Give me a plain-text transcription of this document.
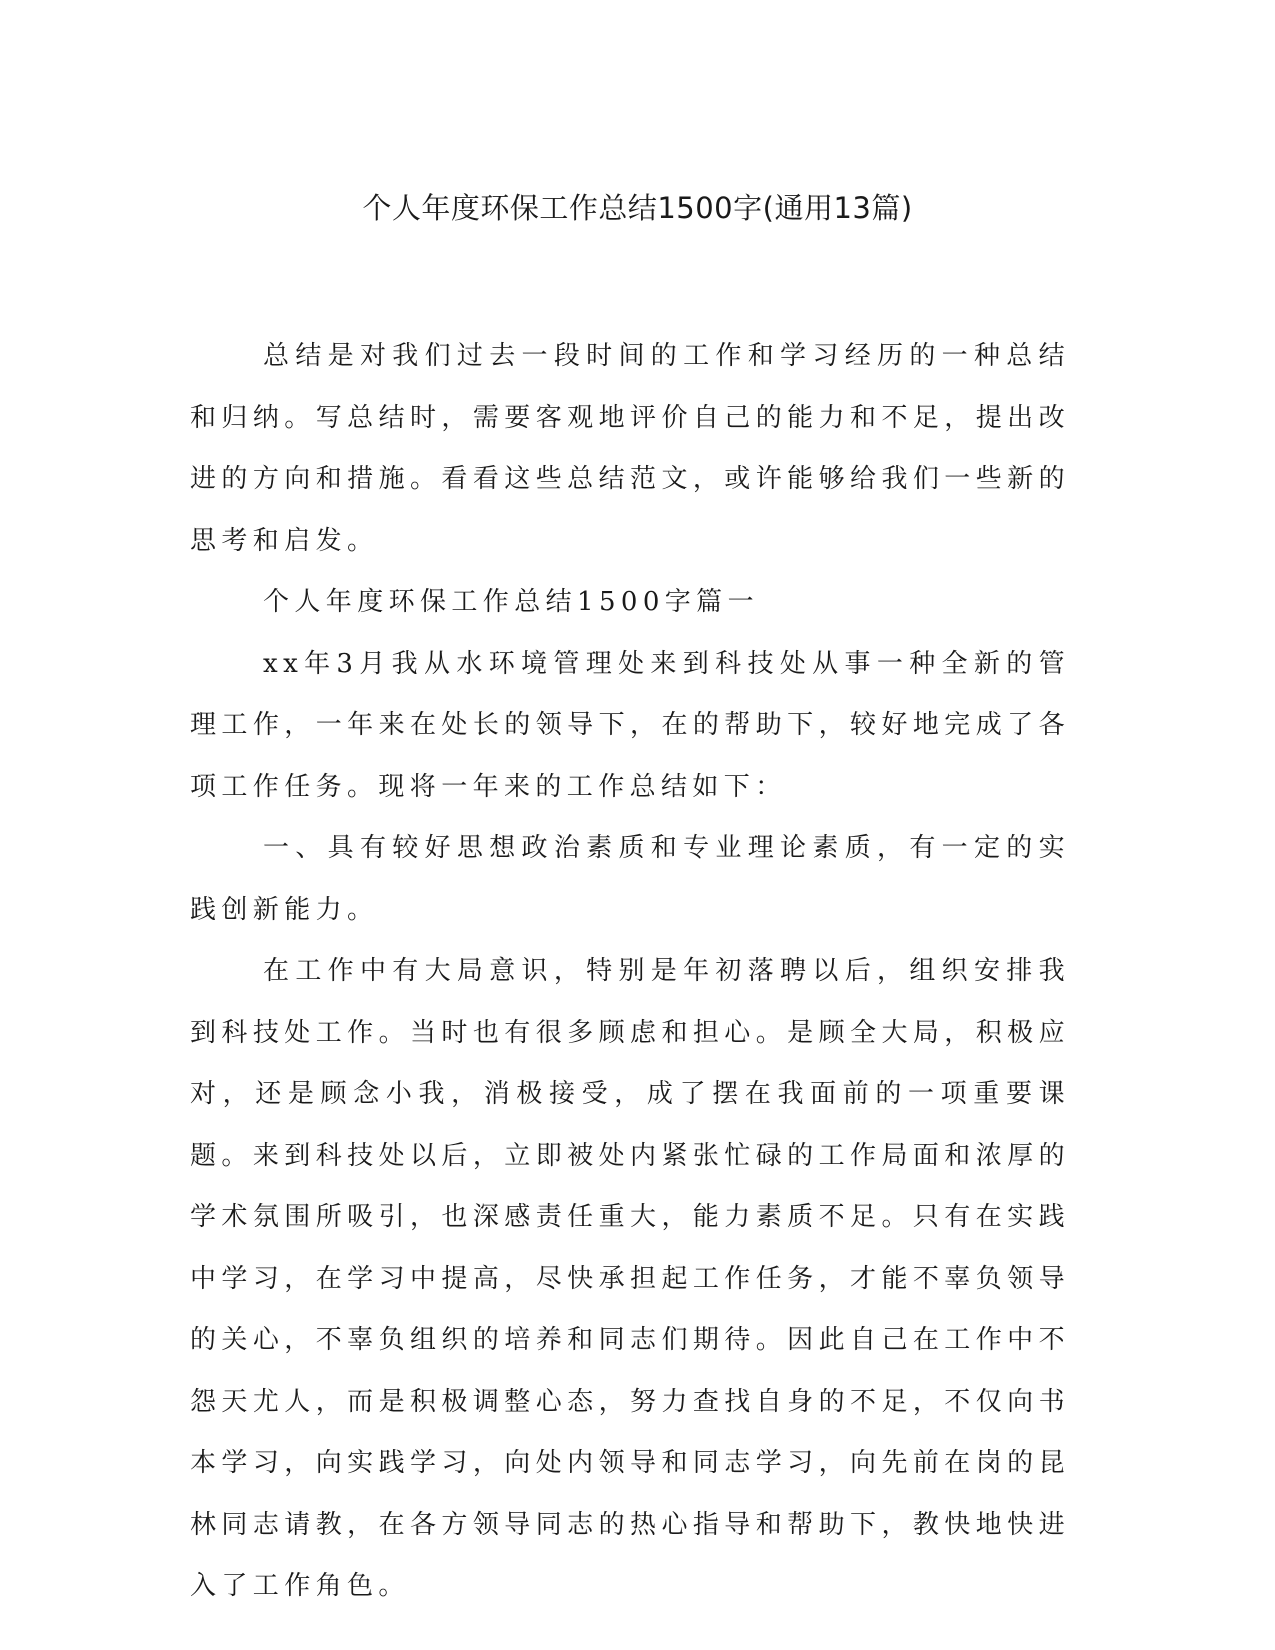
个人年度环保工作总结1500字(通用13篇)

总结是对我们过去一段时间的工作和学习经历的一种总结和归纳。写总结时，需要客观地评价自己的能力和不足，提出改进的方向和措施。看看这些总结范文，或许能够给我们一些新的思考和启发。

个人年度环保工作总结1500字篇一

xx年3月我从水环境管理处来到科技处从事一种全新的管理工作，一年来在处长的领导下，在的帮助下，较好地完成了各项工作任务。现将一年来的工作总结如下：

一、具有较好思想政治素质和专业理论素质，有一定的实践创新能力。

在工作中有大局意识，特别是年初落聘以后，组织安排我到科技处工作。当时也有很多顾虑和担心。是顾全大局，积极应对，还是顾念小我，消极接受，成了摆在我面前的一项重要课题。来到科技处以后，立即被处内紧张忙碌的工作局面和浓厚的学术氛围所吸引，也深感责任重大，能力素质不足。只有在实践中学习，在学习中提高，尽快承担起工作任务，才能不辜负领导的关心，不辜负组织的培养和同志们期待。因此自己在工作中不怨天尤人，而是积极调整心态，努力查找自身的不足，不仅向书本学习，向实践学习，向处内领导和同志学习，向先前在岗的昆林同志请教，在各方领导同志的热心指导和帮助下，教快地快进入了工作角色。
